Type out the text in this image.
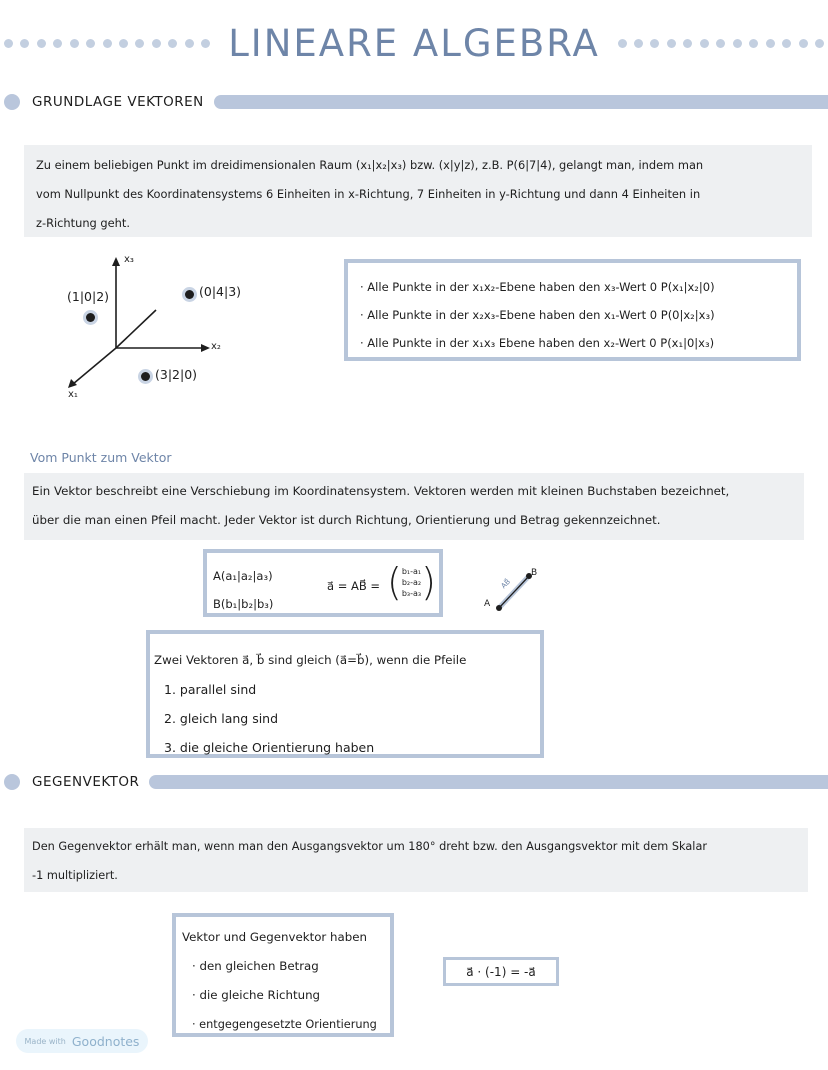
LINEARE ALGEBRA
GRUNDLAGE VEKTOREN
Zu einem beliebigen Punkt im dreidimensionalen Raum (x₁|x₂|x₃) bzw. (x|y|z), z.B. P(6|7|4), gelangt man, indem man
vom Nullpunkt des Koordinatensystems 6 Einheiten in x-Richtung, 7 Einheiten in y-Richtung und dann 4 Einheiten in
z-Richtung geht.
x₃
x₂
x₁
(1|0|2)	(0|4|3)
(3|2|0)
· Alle Punkte in der x₁x₂-Ebene haben den x₃-Wert 0 P(x₁|x₂|0)
· Alle Punkte in der x₂x₃-Ebene haben den x₁-Wert 0 P(0|x₂|x₃)
· Alle Punkte in der x₁x₃ Ebene haben den x₂-Wert 0 P(x₁|0|x₃)
Vom Punkt zum Vektor
Ein Vektor beschreibt eine Verschiebung im Koordinatensystem. Vektoren werden mit kleinen Buchstaben bezeichnet,
über die man einen Pfeil macht. Jeder Vektor ist durch Richtung, Orientierung und Betrag gekennzeichnet.
A(a₁|a₂|a₃)
B(b₁|b₂|b₃)
a⃗ = AB⃗ = ( b₁-a₁
b₂-a₂
b₃-a₃ )	A
B
AB⃗
Zwei Vektoren a⃗, b⃗ sind gleich (a⃗=b⃗), wenn die Pfeile
1. parallel sind
2. gleich lang sind
3. die gleiche Orientierung haben
GEGENVEKTOR
Den Gegenvektor erhält man, wenn man den Ausgangsvektor um 180° dreht bzw. den Ausgangsvektor mit dem Skalar
-1 multipliziert.
Vektor und Gegenvektor haben
· den gleichen Betrag
· die gleiche Richtung
· entgegengesetzte Orientierung
a⃗ · (-1) = -a⃗
Made with Goodnotes
